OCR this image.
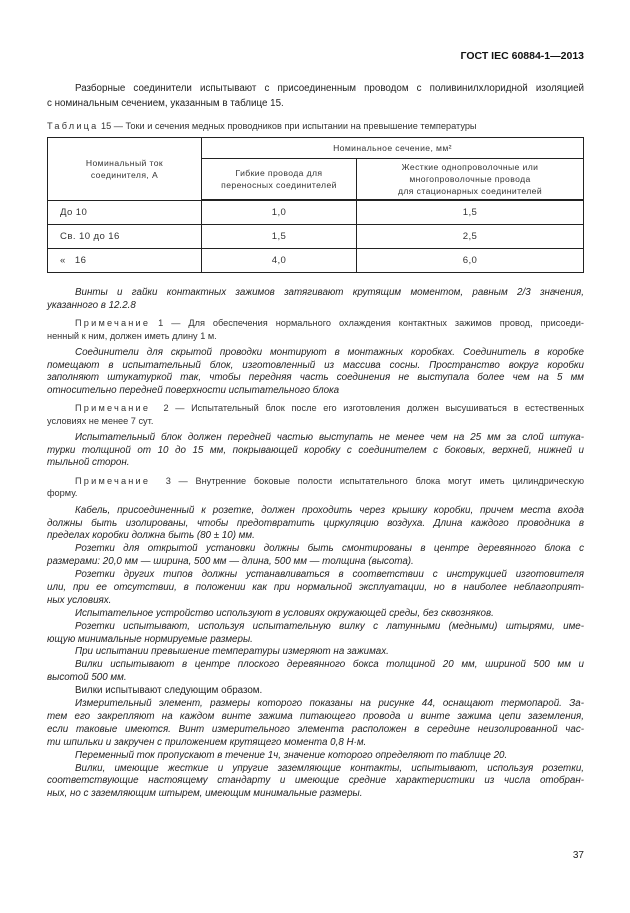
ГОСТ IEC 60884-1—2013
Разборные соединители испытывают с присоединенным проводом с поливинилхлоридной изоляцией
с номинальным сечением, указанным в таблице 15.
Таблица 15 — Токи и сечения медных проводников при испытании на превышение температуры
Номинальный ток соединителя, А	Номинальное сечение, мм²	
	Гибкие провода для переносных соединителей	Жесткие однопроволочные или
многопроволочные провода
для стационарных соединителей

До 10	1,0	1,5
Св. 10 до 16	1,5	2,5
«   16	4,0	6,0
Винты и гайки контактных зажимов затягивают крутящим моментом, равным 2/3 значения,
указанного в 12.2.8
Примечание 1 — Для обеспечения нормального охлаждения контактных зажимов провод, присоеди-
ненный к ним, должен иметь длину 1 м.
Соединители для скрытой проводки монтируют в монтажных коробках. Соединитель в коробке
помещают в испытательный блок, изготовленный из массива сосны. Пространство вокруг коробки
заполняют штукатуркой так, чтобы передняя часть соединения не выступала более чем на 5 мм
относительно передней поверхности испытательного блока
Примечание  2 — Испытательный блок после его изготовления должен высушиваться в естественных
условиях не менее 7 сут.
Испытательный блок должен передней частью выступать не менее чем на 25 мм за слой штука-
турки толщиной от 10 до 15 мм, покрывающей коробку с соединителем с боковых, верхней, нижней и
тыльной сторон.
Примечание  3 — Внутренние боковые полости испытательного блока могут иметь цилиндрическую
форму.
Кабель, присоединенный к розетке, должен проходить через крышку коробки, причем места входа
должны быть изолированы, чтобы предотвратить циркуляцию воздуха. Длина каждого проводника в
пределах коробки должна быть (80 ± 10) мм.
Розетки для открытой установки должны быть смонтированы в центре деревянного блока с
размерами: 20,0 мм — ширина, 500 мм — длина, 500 мм — толщина (высота).
Розетки других типов должны устанавливаться в соответствии с инструкцией изготовителя
или, при ее отсутствии, в положении как при нормальной эксплуатации, но в наиболее неблагоприят-
ных условиях.
Испытательное устройство используют в условиях окружающей среды, без сквозняков.
Розетки испытывают, используя испытательную вилку с латунными (медными) штырями, име-
ющую минимальные нормируемые размеры.
При испытании превышение температуры измеряют на зажимах.
Вилки испытывают в центре плоского деревянного бокса толщиной 20 мм, шириной 500 мм и
высотой 500 мм.
Вилки испытывают следующим образом.
Измерительный элемент, размеры которого показаны на рисунке 44, оснащают термопарой. За-
тем его закрепляют на каждом винте зажима питающего провода и винте зажима цепи заземления,
если таковые имеются. Винт измерительного элемента расположен в середине неизолированной час-
ти шпильки и закручен с приложением крутящего момента 0,8 Н·м.
Переменный ток пропускают в течение 1ч, значение которого определяют по таблице 20.
Вилки, имеющие жесткие и упругие заземляющие контакты, испытывают, используя розетки,
соответствующие настоящему стандарту и имеющие средние характеристики из числа отобран-
ных, но с заземляющим штырем, имеющим минимальные размеры.
37
